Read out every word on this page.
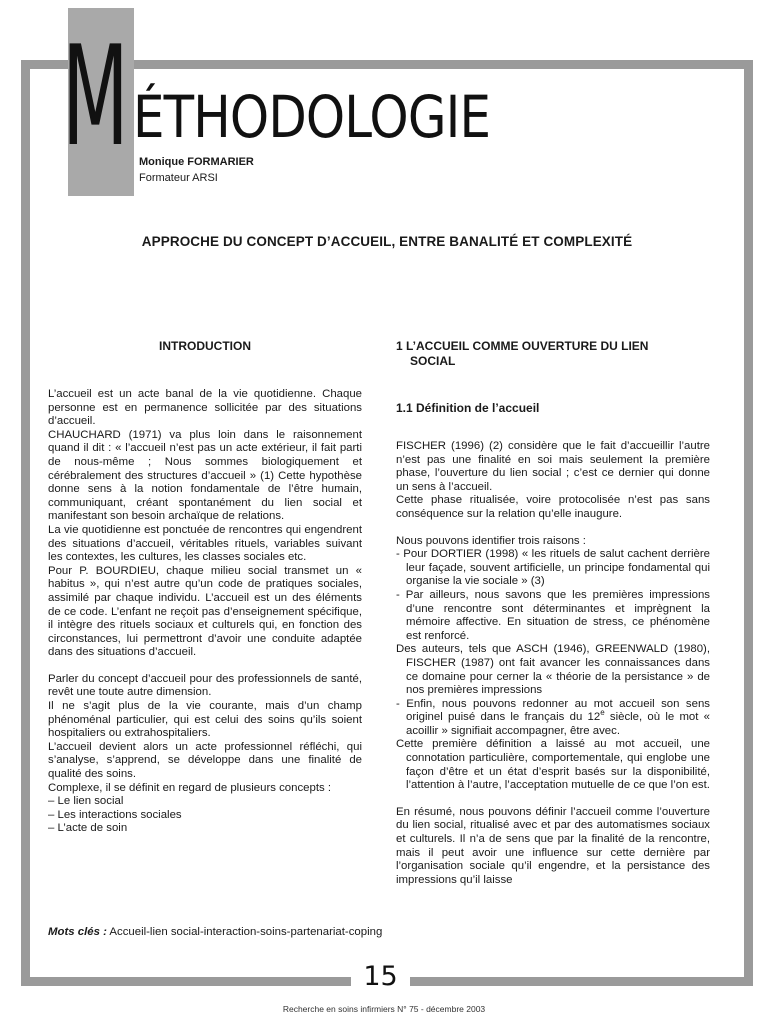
M ÉTHODOLOGIE
Monique FORMARIER
Formateur ARSI
APPROCHE DU CONCEPT D’ACCUEIL, ENTRE BANALITÉ ET COMPLEXITÉ
INTRODUCTION

L’accueil est un acte banal de la vie quotidienne. Chaque personne est en permanence sollicitée par des situations d’accueil.

CHAUCHARD (1971) va plus loin dans le raisonnement quand il dit : « l’accueil n’est pas un acte extérieur, il fait parti de nous-même ; Nous sommes biologiquement et cérébralement des structures d’accueil » (1) Cette hypothèse donne sens à la notion fondamentale de l’être humain, communiquant, créant spontanément du lien social et manifestant son besoin archaïque de relations.

La vie quotidienne est ponctuée de rencontres qui engendrent des situations d’accueil, véritables rituels, variables suivant les contextes, les cultures, les classes sociales etc.

Pour P. BOURDIEU, chaque milieu social transmet un « habitus », qui n’est autre qu’un code de pratiques sociales, assimilé par chaque individu. L’accueil est un des éléments de ce code. L’enfant ne reçoit pas d’enseignement spécifique, il intègre des rituels sociaux et culturels qui, en fonction des circonstances, lui permettront d’avoir une conduite adaptée dans des situations d’accueil.

Parler du concept d’accueil pour des professionnels de santé, revêt une toute autre dimension.

Il ne s’agit plus de la vie courante, mais d’un champ phénoménal particulier, qui est celui des soins qu’ils soient hospitaliers ou extrahospitaliers.

L’accueil devient alors un acte professionnel réfléchi, qui s’analyse, s’apprend, se développe dans une finalité de qualité des soins.

Complexe, il se définit en regard de plusieurs concepts :

– Le lien social
– Les interactions sociales
– L’acte de soin
1 L’ACCUEIL COMME OUVERTURE DU LIEN
SOCIAL
1.1 Définition de l’accueil

FISCHER (1996) (2) considère que le fait d’accueillir l’autre n’est pas une finalité en soi mais seulement la première phase, l’ouverture du lien social ; c’est ce dernier qui donne un sens à l’accueil.

Cette phase ritualisée, voire protocolisée n’est pas sans conséquence sur la relation qu’elle inaugure.

Nous pouvons identifier trois raisons :

- Pour DORTIER (1998) « les rituels de salut cachent derrière leur façade, souvent artificielle, un principe fondamental qui organise la vie sociale » (3)
- Par ailleurs, nous savons que les premières impressions d’une rencontre sont déterminantes et imprègnent la mémoire affective. En situation de stress, ce phénomène est renforcé.
Des auteurs, tels que ASCH (1946), GREENWALD (1980), FISCHER (1987) ont fait avancer les connaissances dans ce domaine pour cerner la « théorie de la persistance » de nos premières impressions
- Enfin, nous pouvons redonner au mot accueil son sens originel puisé dans le français du 12e siècle, où le mot « acoillir » signifiait accompagner, être avec.
Cette première définition a laissé au mot accueil, une connotation particulière, comportementale, qui englobe une façon d’être et un état d’esprit basés sur la disponibilité, l’attention à l’autre, l’acceptation mutuelle de ce que l’on est.

En résumé, nous pouvons définir l’accueil comme l’ouverture du lien social, ritualisé avec et par des automatismes sociaux et culturels. Il n’a de sens que par la finalité de la rencontre, mais il peut avoir une influence sur cette dernière par l’organisation sociale qu’il engendre, et la persistance des impressions qu’il laisse

Mots clés : Accueil-lien social-interaction-soins-partenariat-coping
15
Recherche en soins infirmiers N° 75 - décembre 2003
